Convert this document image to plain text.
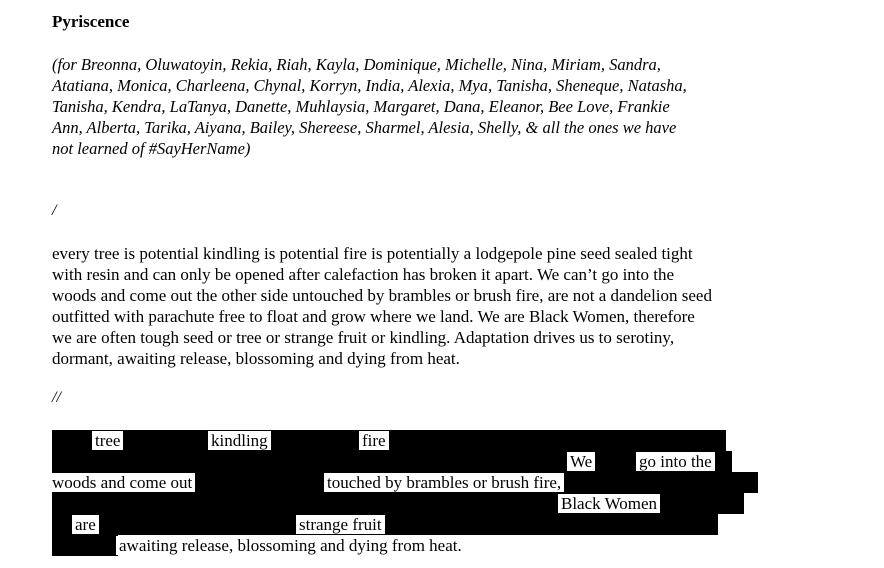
Pyriscence
(for Breonna, Oluwatoyin, Rekia, Riah, Kayla, Dominique, Michelle, Nina, Miriam, Sandra,
Atatiana, Monica, Charleena, Chynal, Korryn, India, Alexia, Mya, Tanisha, Sheneque, Natasha,
Tanisha, Kendra, LaTanya, Danette, Muhlaysia, Margaret, Dana, Eleanor, Bee Love, Frankie
Ann, Alberta, Tarika, Aiyana, Bailey, Shereese, Sharmel, Alesia, Shelly, & all the ones we have
not learned of #SayHerName)
/
every tree is potential kindling is potential fire is potentially a lodgepole pine seed sealed tight
with resin and can only be opened after calefaction has broken it apart. We can’t go into the
woods and come out the other side untouched by brambles or brush fire, are not a dandelion seed
outfitted with parachute free to float and grow where we land. We are Black Women, therefore
we are often tough seed or tree or strange fruit or kindling. Adaptation drives us to serotiny,
dormant, awaiting release, blossoming and dying from heat.
//
tree	kindling	fire
We	go into the
woods and come out	touched by brambles or brush fire,
Black Women
are	strange fruit
awaiting release, blossoming and dying from heat.
